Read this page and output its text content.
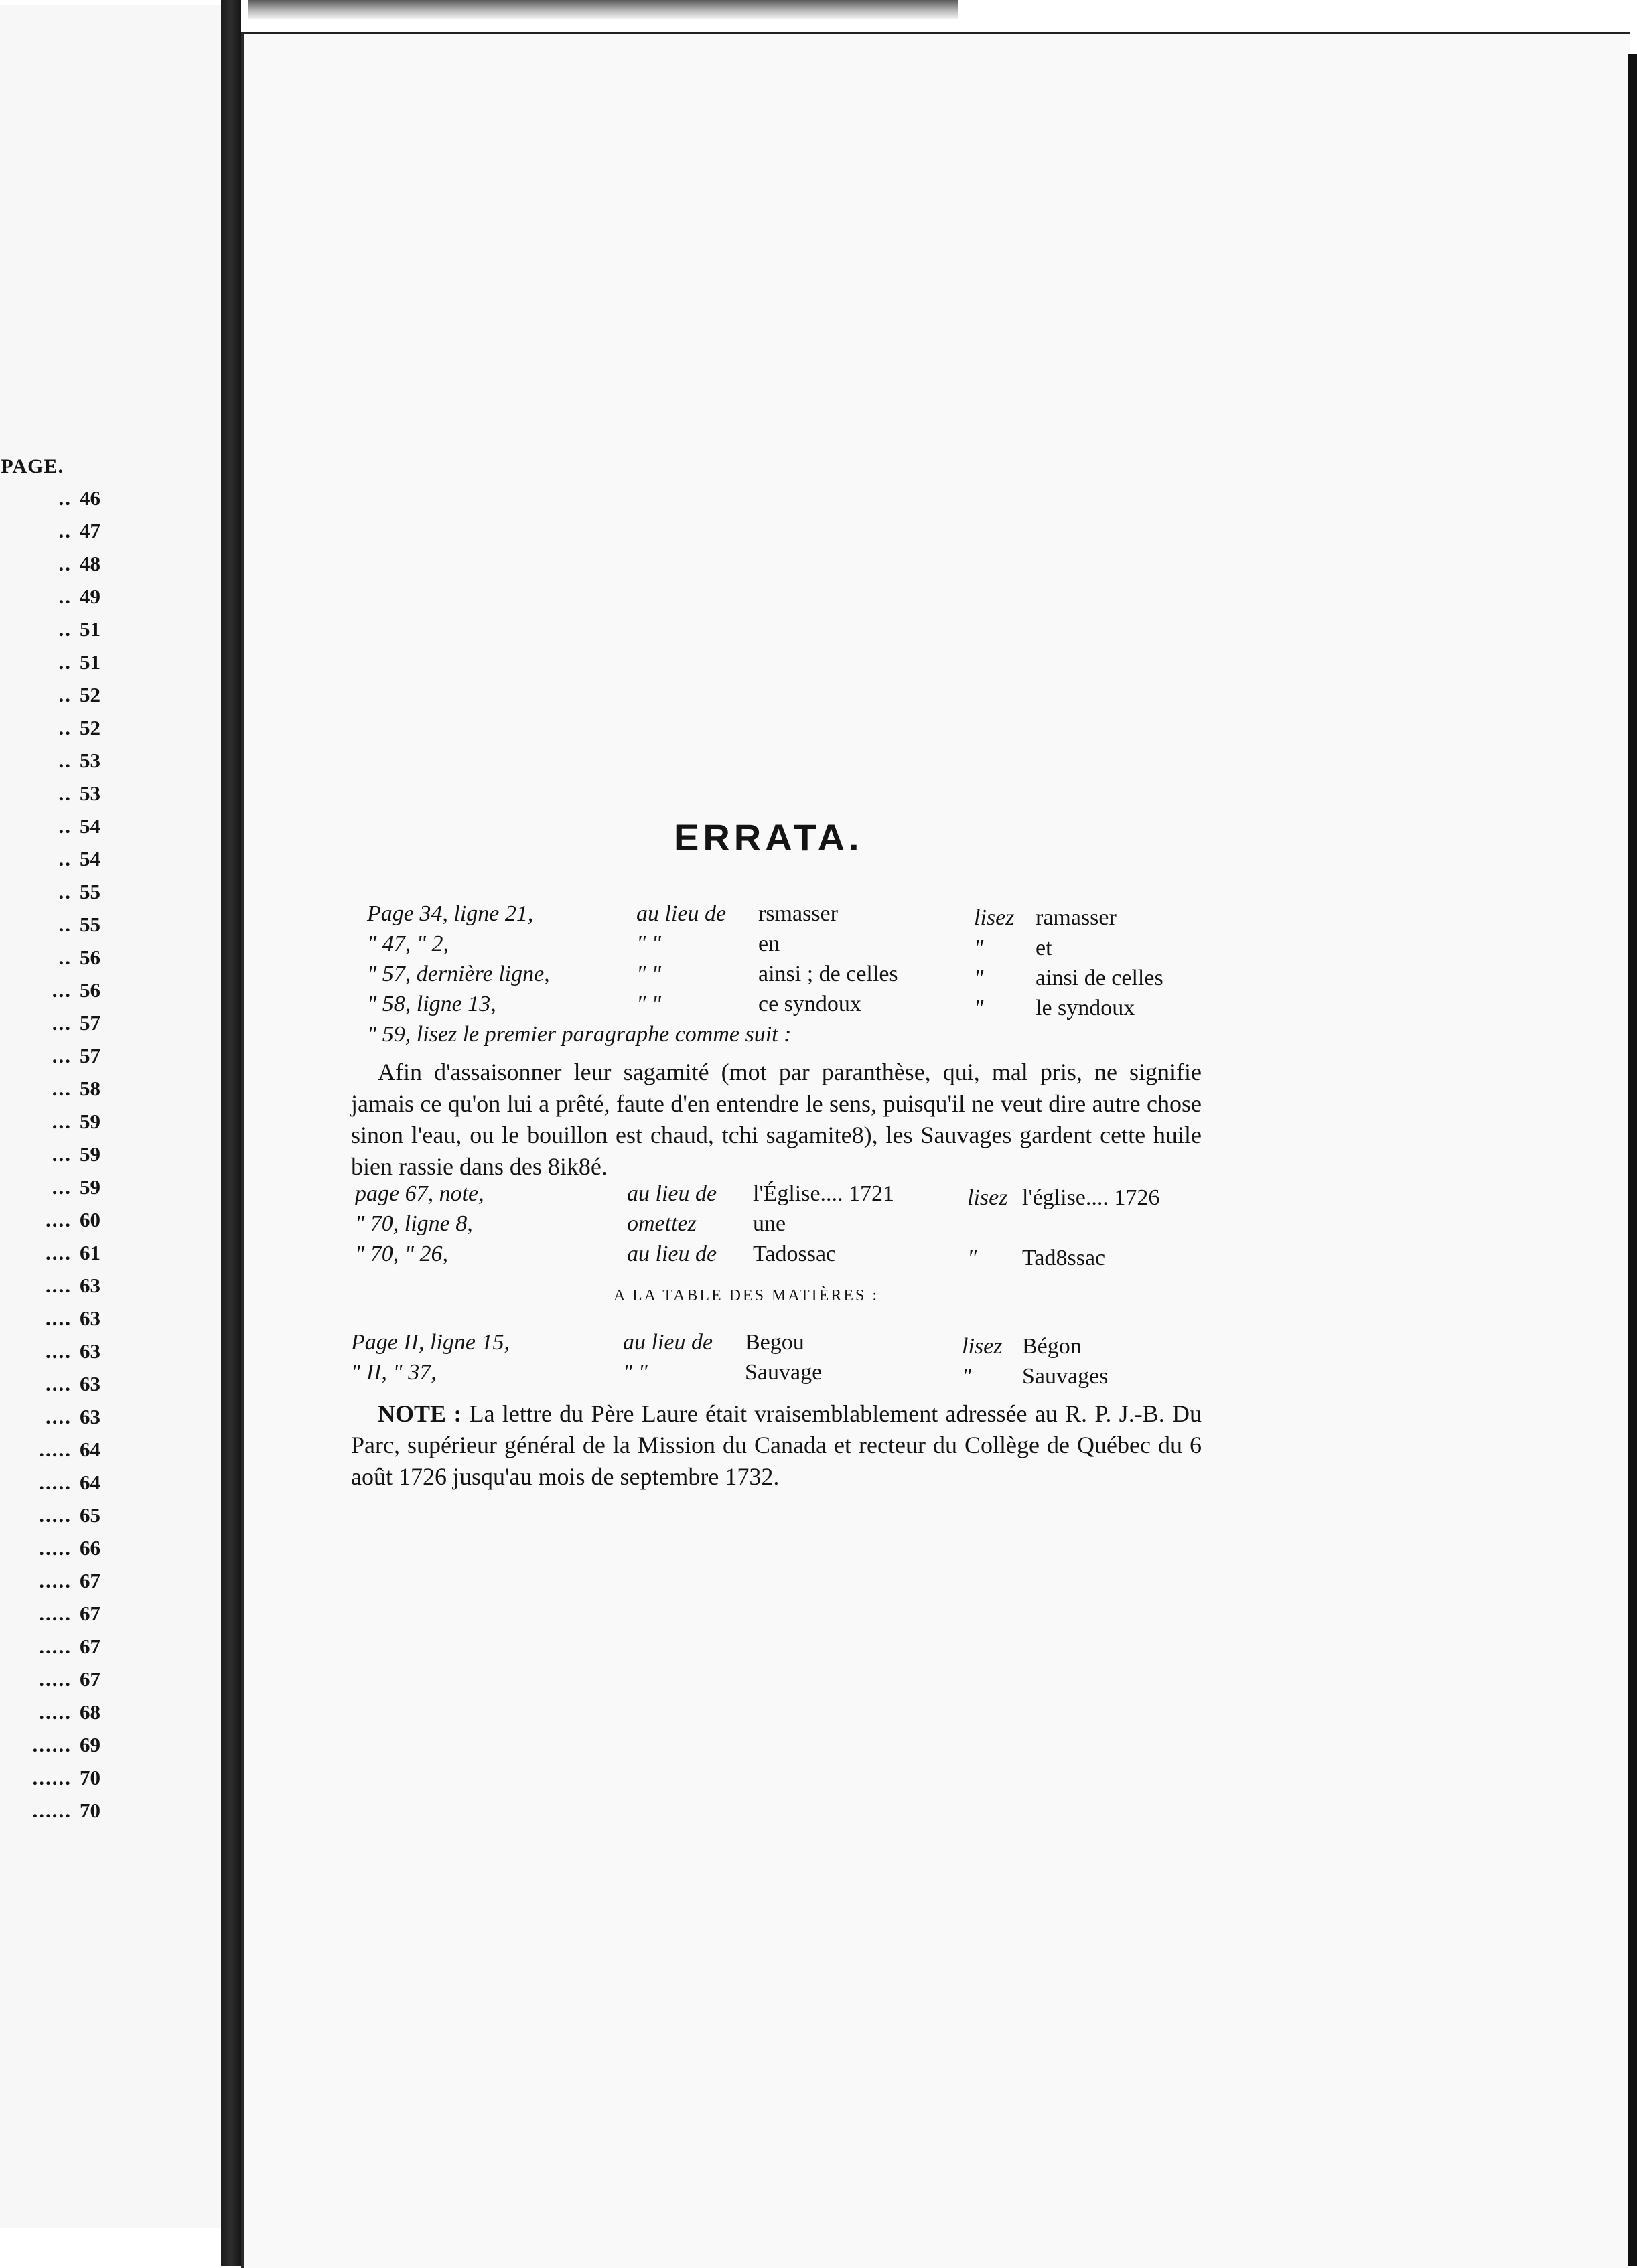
PAGE.
.. 46
.. 47
.. 48
.. 49
.. 51
.. 51
.. 52
.. 52
.. 53
.. 53
.. 54
.. 54
.. 55
.. 55
.. 56
... 56
... 57
... 57
... 58
... 59
... 59
... 59
.... 60
.... 61
.... 63
.... 63
.... 63
.... 63
.... 63
..... 64
..... 64
..... 65
..... 66
..... 67
..... 67
..... 67
..... 67
..... 68
...... 69
...... 70
...... 70
ERRATA.
Afin d'assaisonner leur sagamité (mot par paranthèse, qui, mal pris, ne signifie jamais ce qu'on lui a prêté, faute d'en entendre le sens, puisqu'il ne veut dire autre chose sinon l'eau, ou le bouillon est chaud, tchi sagamite8), les Sauvages gardent cette huile bien rassie dans des 8ik8é.
A LA TABLE DES MATIÈRES :
NOTE : La lettre du Père Laure était vraisemblablement adressée au R. P. J.-B. Du Parc, supérieur général de la Mission du Canada et recteur du Collège de Québec du 6 août 1726 jusqu'au mois de septembre 1732.
Page 34, ligne 21,	au lieu de rsmasser	lisez ramasser
" 47, " 2,	" "	en	" et
" 57, dernière ligne,	" "	ainsi ; de celles	" ainsi de celles
" 58, ligne 13,	" "	ce syndoux	" le syndoux
" 59, lisez le premier paragraphe comme suit :
page 67, note,	au lieu de l'Église.... 1721	lisez l'église.... 1726
" 70, ligne 8,	omettez une
" 70, " 26,	au lieu de Tadossac	" Tad8ssac
Page II, ligne 15,	au lieu de Begou	lisez Bégon
" II, " 37,	" "	Sauvage	" Sauvages
